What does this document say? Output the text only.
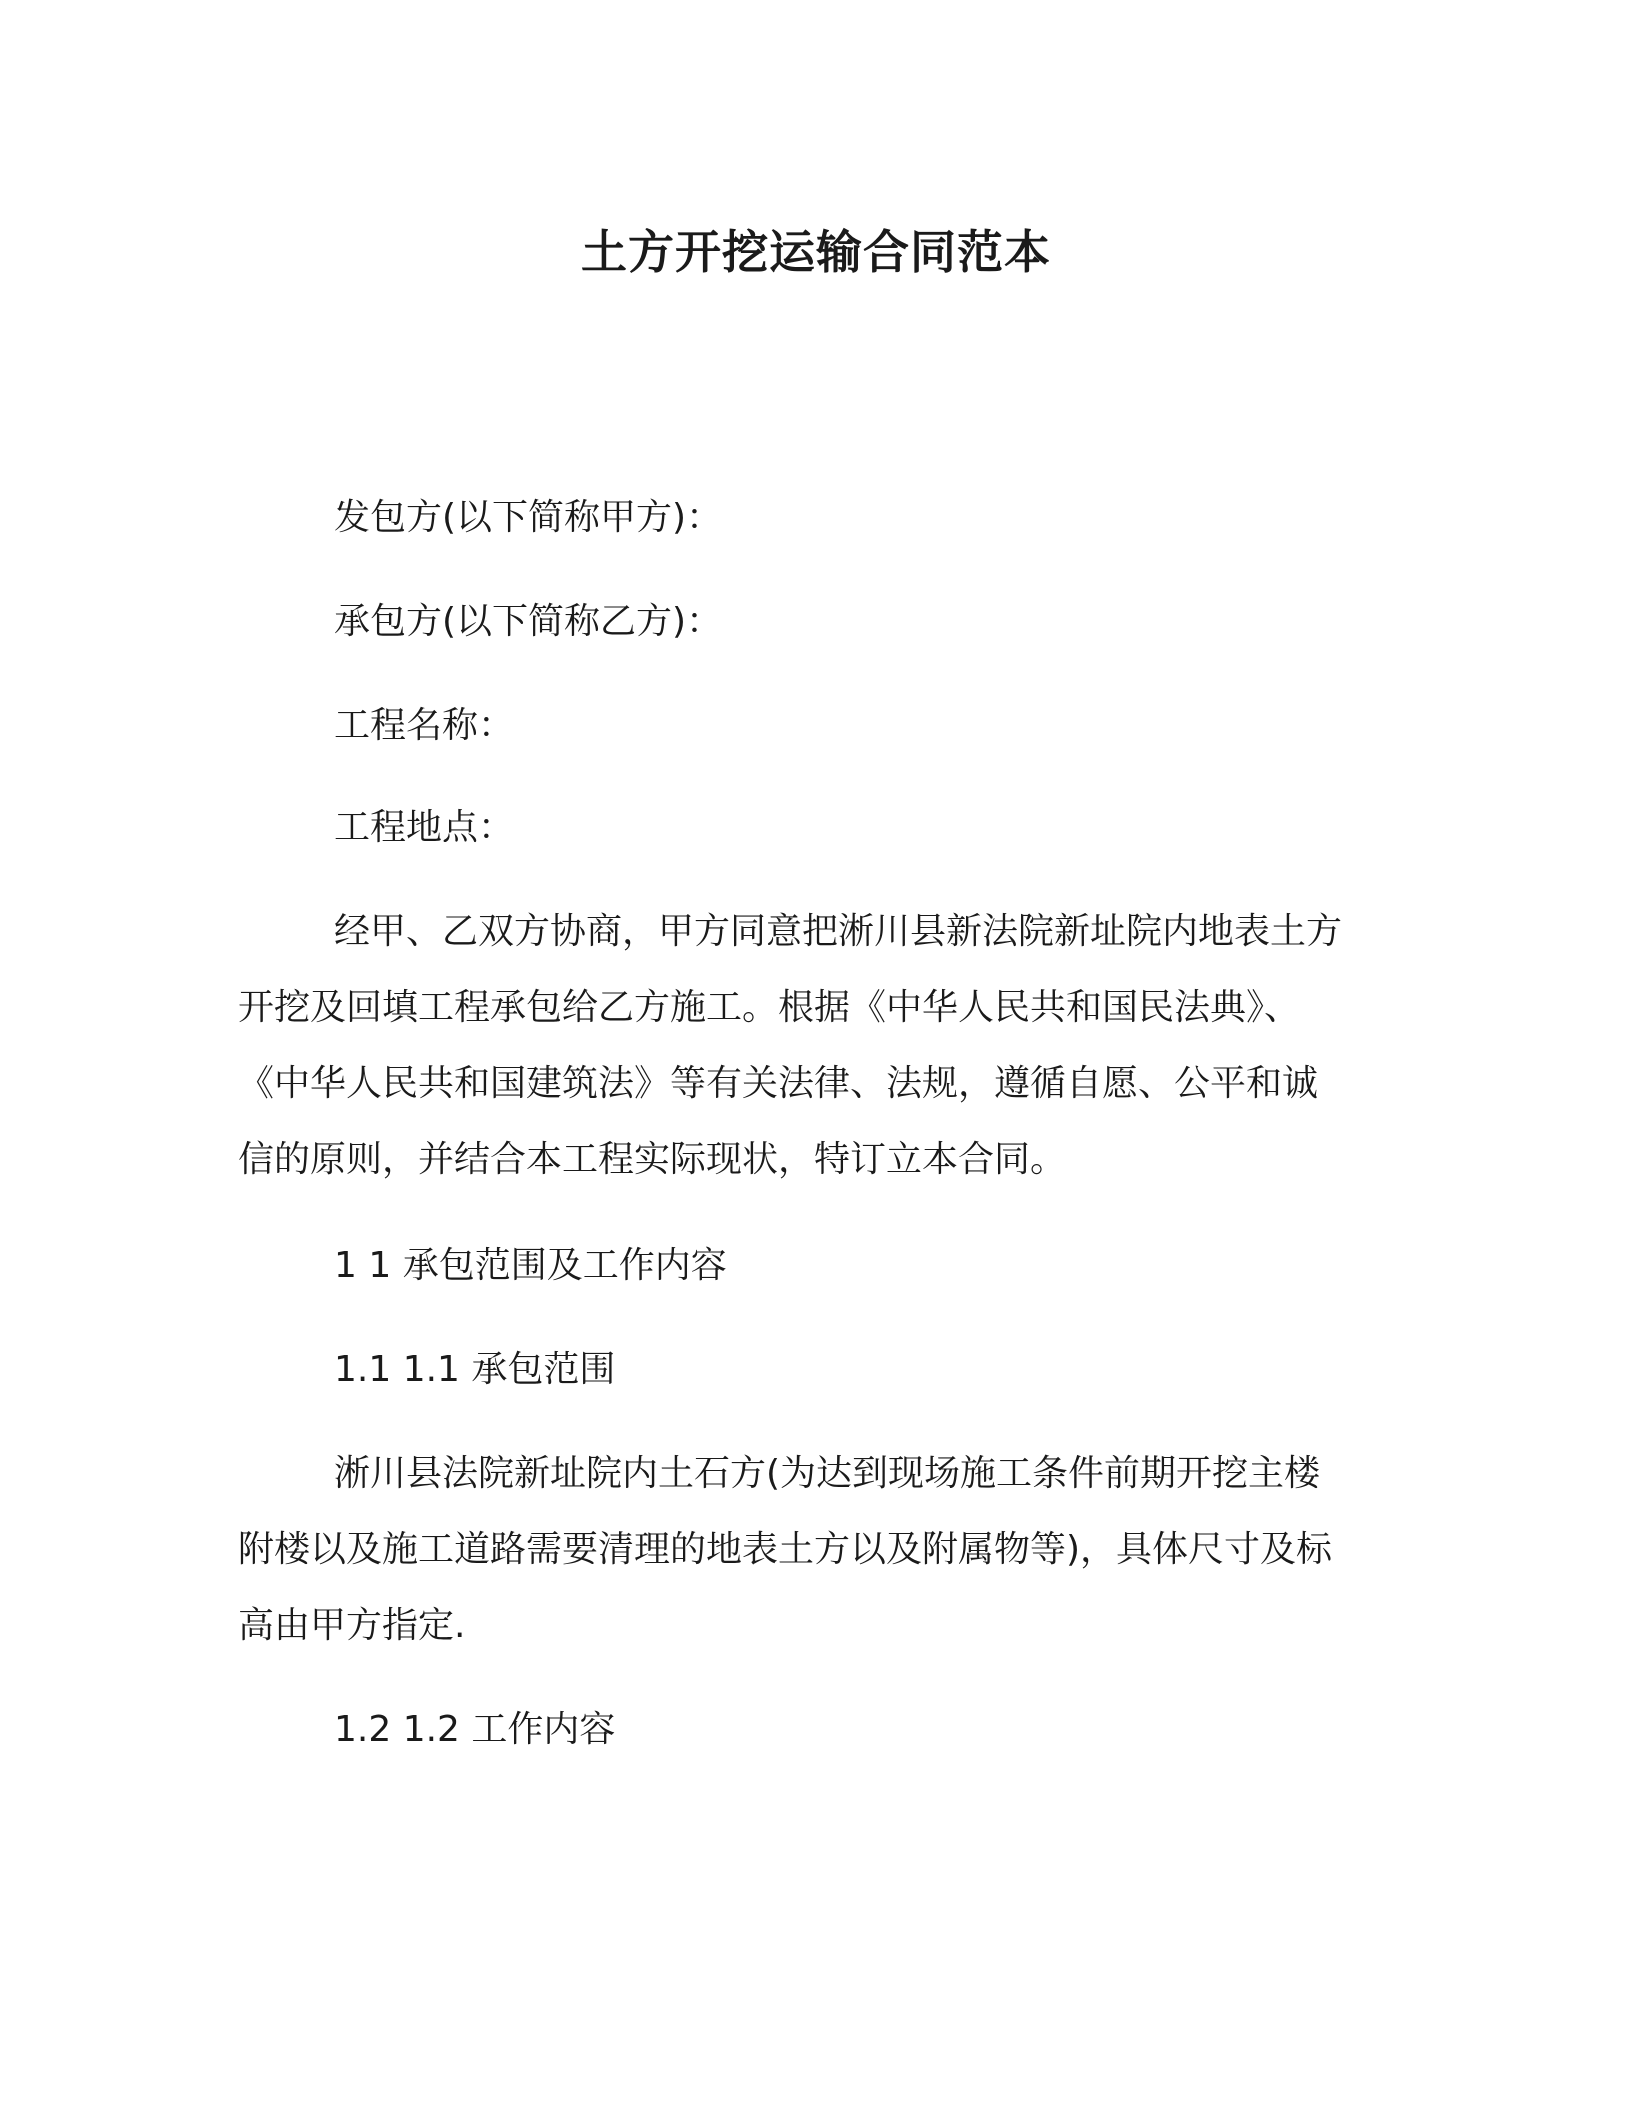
土方开挖运输合同范本
发包方(以下简称甲方)：
承包方(以下简称乙方)：
工程名称：
工程地点：
经甲、乙双方协商，甲方同意把淅川县新法院新址院内地表土方
开挖及回填工程承包给乙方施工。根据《中华人民共和国民法典》、
《中华人民共和国建筑法》等有关法律、法规，遵循自愿、公平和诚
信的原则，并结合本工程实际现状，特订立本合同。
1 1 承包范围及工作内容
1.1 1.1 承包范围
淅川县法院新址院内土石方(为达到现场施工条件前期开挖主楼
附楼以及施工道路需要清理的地表土方以及附属物等)，具体尺寸及标
高由甲方指定.
1.2 1.2 工作内容
